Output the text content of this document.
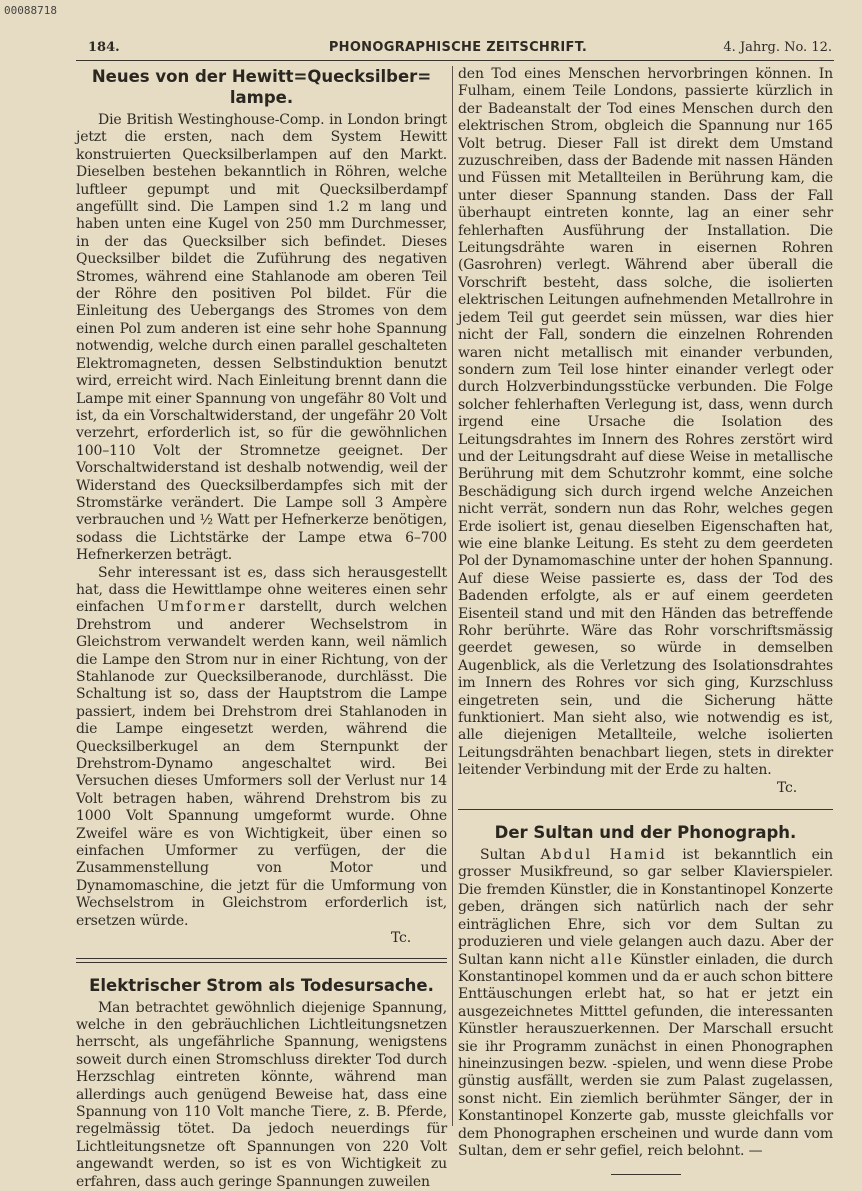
00088718
184.	PHONOGRAPHISCHE ZEITSCHRIFT.	4. Jahrg. No. 12.
Neues von der Hewitt=Quecksilber= lampe.

Die British Westinghouse-Comp. in London bringt jetzt die ersten, nach dem System Hewitt konstruierten Quecksilberlampen auf den Markt. Dieselben bestehen bekanntlich in Röhren, welche luftleer gepumpt und mit Quecksilberdampf angefüllt sind. Die Lampen sind 1.2 m lang und haben unten eine Kugel von 250 mm Durchmesser, in der das Quecksilber sich befindet. Dieses Quecksilber bildet die Zuführung des negativen Stromes, während eine Stahlanode am oberen Teil der Röhre den positiven Pol bildet. Für die Einleitung des Uebergangs des Stromes von dem einen Pol zum anderen ist eine sehr hohe Spannung notwendig, welche durch einen parallel geschalteten Elektromagneten, dessen Selbstinduktion benutzt wird, erreicht wird. Nach Einleitung brennt dann die Lampe mit einer Spannung von ungefähr 80 Volt und ist, da ein Vorschaltwiderstand, der ungefähr 20 Volt verzehrt, erforderlich ist, so für die gewöhnlichen 100–110 Volt der Stromnetze geeignet. Der Vorschaltwiderstand ist deshalb notwendig, weil der Widerstand des Quecksilberdampfes sich mit der Stromstärke verändert. Die Lampe soll 3 Ampère verbrauchen und ½ Watt per Hefnerkerze benötigen, sodass die Lichtstärke der Lampe etwa 6–700 Hefnerkerzen beträgt.

Sehr interessant ist es, dass sich herausgestellt hat, dass die Hewittlampe ohne weiteres einen sehr einfachen Umformer darstellt, durch welchen Drehstrom und anderer Wechselstrom in Gleichstrom verwandelt werden kann, weil nämlich die Lampe den Strom nur in einer Richtung, von der Stahlanode zur Quecksilberanode, durchlässt. Die Schaltung ist so, dass der Hauptstrom die Lampe passiert, indem bei Drehstrom drei Stahlanoden in die Lampe eingesetzt werden, während die Quecksilberkugel an dem Sternpunkt der Drehstrom-Dynamo angeschaltet wird. Bei Versuchen dieses Umformers soll der Verlust nur 14 Volt betragen haben, während Drehstrom bis zu 1000 Volt Spannung umgeformt wurde. Ohne Zweifel wäre es von Wichtigkeit, über einen so einfachen Umformer zu verfügen, der die Zusammenstellung von Motor und Dynamomaschine, die jetzt für die Umformung von Wechselstrom in Gleichstrom erforderlich ist, ersetzen würde.
Tc.

Elektrischer Strom als Todesursache.

Man betrachtet gewöhnlich diejenige Spannung, welche in den gebräuchlichen Lichtleitungsnetzen herrscht, als ungefährliche Spannung, wenigstens soweit durch einen Stromschluss direkter Tod durch Herzschlag eintreten könnte, während man allerdings auch genügend Beweise hat, dass eine Spannung von 110 Volt manche Tiere, z. B. Pferde, regelmässig tötet. Da jedoch neuerdings für Lichtleitungsnetze oft Spannungen von 220 Volt angewandt werden, so ist es von Wichtigkeit zu erfahren, dass auch geringe Spannungen zuweilen

den Tod eines Menschen hervorbringen können. In Fulham, einem Teile Londons, passierte kürzlich in der Badeanstalt der Tod eines Menschen durch den elektrischen Strom, obgleich die Spannung nur 165 Volt betrug. Dieser Fall ist direkt dem Umstand zuzuschreiben, dass der Badende mit nassen Händen und Füssen mit Metallteilen in Berührung kam, die unter dieser Spannung standen. Dass der Fall überhaupt eintreten konnte, lag an einer sehr fehlerhaften Ausführung der Installation. Die Leitungsdrähte waren in eisernen Rohren (Gasrohren) verlegt. Während aber überall die Vorschrift besteht, dass solche, die isolierten elektrischen Leitungen aufnehmenden Metallrohre in jedem Teil gut geerdet sein müssen, war dies hier nicht der Fall, sondern die einzelnen Rohrenden waren nicht metallisch mit einander verbunden, sondern zum Teil lose hinter einander verlegt oder durch Holzverbindungsstücke verbunden. Die Folge solcher fehlerhaften Verlegung ist, dass, wenn durch irgend eine Ursache die Isolation des Leitungsdrahtes im Innern des Rohres zerstört wird und der Leitungsdraht auf diese Weise in metallische Berührung mit dem Schutzrohr kommt, eine solche Beschädigung sich durch irgend welche Anzeichen nicht verrät, sondern nun das Rohr, welches gegen Erde isoliert ist, genau dieselben Eigenschaften hat, wie eine blanke Leitung. Es steht zu dem geerdeten Pol der Dynamomaschine unter der hohen Spannung. Auf diese Weise passierte es, dass der Tod des Badenden erfolgte, als er auf einem geerdeten Eisenteil stand und mit den Händen das betreffende Rohr berührte. Wäre das Rohr vorschriftsmässig geerdet gewesen, so würde in demselben Augenblick, als die Verletzung des Isolationsdrahtes im Innern des Rohres vor sich ging, Kurzschluss eingetreten sein, und die Sicherung hätte funktioniert. Man sieht also, wie notwendig es ist, alle diejenigen Metallteile, welche isolierten Leitungsdrähten benachbart liegen, stets in direkter leitender Verbindung mit der Erde zu halten.
Tc.

Der Sultan und der Phonograph.

Sultan Abdul Hamid ist bekanntlich ein grosser Musikfreund, so gar selber Klavierspieler. Die fremden Künstler, die in Konstantinopel Konzerte geben, drängen sich natürlich nach der sehr einträglichen Ehre, sich vor dem Sultan zu produzieren und viele gelangen auch dazu. Aber der Sultan kann nicht alle Künstler einladen, die durch Konstantinopel kommen und da er auch schon bittere Enttäuschungen erlebt hat, so hat er jetzt ein ausgezeichnetes Mitttel gefunden, die interessanten Künstler herauszuerkennen. Der Marschall ersucht sie ihr Programm zunächst in einen Phonographen hineinzusingen bezw. -spielen, und wenn diese Probe günstig ausfällt, werden sie zum Palast zugelassen, sonst nicht. Ein ziemlich berühmter Sänger, der in Konstantinopel Konzerte gab, musste gleichfalls vor dem Phonographen erscheinen und wurde dann vom Sultan, dem er sehr gefiel, reich belohnt. —
